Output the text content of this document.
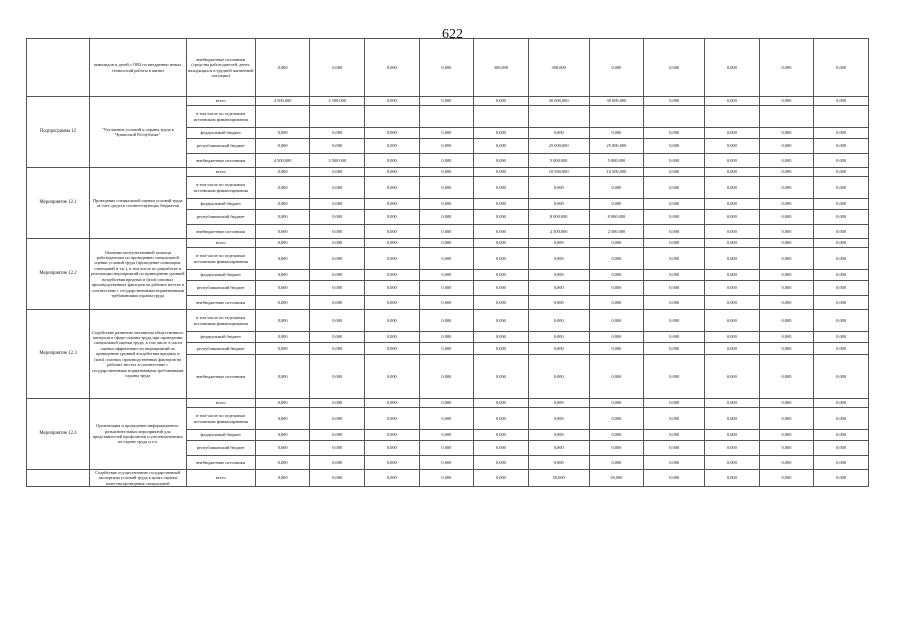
622
	инвалидов и детей с ОВЗ по внедрению новых технологий работы в жизни	внебюджетные источники (средства работодателей, денег, находящихся в трудной жизненной ситуации)	0,000	0,000	0,000	0,000	300,000	300,000	0,000	0,000	0,000	0,000	0,000
Подпрограмма 12	"Улучшение условий и охраны труда в Чувашской Республике"	всего	4 500,000	3 500,000	0,000	0,000	0,000	30 000,000	30 000,000	0,000	0,000	0,000	0,000
		в том числе по отдельным источникам финансирования											
		федеральный бюджет	0,000	0,000	0,000	0,000	0,000	0,000	0,000	0,000	0,000	0,000	0,000
		республиканский бюджет	0,000	0,000	0,000	0,000	0,000	25 000,000	25 000,000	0,000	0,000	0,000	0,000
		внебюджетные источники	4 500,000	3 500,000	0,000	0,000	0,000	5 000,000	5 000,000	0,000	0,000	0,000	0,000
Мероприятие 12.1	Проведение специальной оценки условий труда за счет средств соответствующих бюджетов	всего	0,000	0,000	0,000	0,000	0,000	10 500,000	10 500,000	0,000	0,000	0,000	0,000
		в том числе по отдельным источникам финансирования	0,000	0,000	0,000	0,000	0,000	0,000	0,000	0,000	0,000	0,000	0,000
		федеральный бюджет	0,000	0,000	0,000	0,000	0,000	0,000	0,000	0,000	0,000	0,000	0,000
		республиканский бюджет	0,000	0,000	0,000	0,000	0,000	8 000,000	8 000,000	0,000	0,000	0,000	0,000
		внебюджетные источники	0,000	0,000	0,000	0,000	0,000	2 500,000	2 500,000	0,000	0,000	0,000	0,000
Мероприятие 12.2	Оказание консультативной помощи работодателям по проведению специальной оценки условий труда (проведение семинаров, совещаний и т.п.), в том числе по разработке и реализации мероприятий по приведению уровней воздействия вредных и (или) опасных производственных факторов на рабочих местах в соответствие с государственными нормативными требованиями охраны труда	всего	0,000	0,000	0,000	0,000	0,000	0,000	0,000	0,000	0,000	0,000	0,000
		в том числе по отдельным источникам финансирования	0,000	0,000	0,000	0,000	0,000	0,000	0,000	0,000	0,000	0,000	0,000
		федеральный бюджет	0,000	0,000	0,000	0,000	0,000	0,000	0,000	0,000	0,000	0,000	0,000
		республиканский бюджет	0,000	0,000	0,000	0,000	0,000	0,000	0,000	0,000	0,000	0,000	0,000
		внебюджетные источники	0,000	0,000	0,000	0,000	0,000	0,000	0,000	0,000	0,000	0,000	0,000
Мероприятие 12.3	Содействие развитию механизма общественного контроля в сфере охраны труда при проведении специальной оценки труда, в том числе в части оценки эффективности мероприятий по приведению уровней воздействия вредных и (или) опасных производственных факторов на рабочих местах в соответствие с государственными нормативными требованиями охраны труда	в том числе по отдельным источникам финансирования	0,000	0,000	0,000	0,000	0,000	0,000	0,000	0,000	0,000	0,000	0,000
		федеральный бюджет	0,000	0,000	0,000	0,000	0,000	0,000	0,000	0,000	0,000	0,000	0,000
		республиканский бюджет	0,000	0,000	0,000	0,000	0,000	0,000	0,000	0,000	0,000	0,000	0,000
		внебюджетные источники	0,000	0,000	0,000	0,000	0,000	0,000	0,000	0,000	0,000	0,000	0,000
Мероприятие 12.4	Организация и проведение информационно-разъяснительных мероприятий для представителей профсоюзов и уполномоченных по охране труда и т.п.	всего	0,000	0,000	0,000	0,000	0,000	0,000	0,000	0,000	0,000	0,000	0,000
		в том числе по отдельным источникам финансирования	0,000	0,000	0,000	0,000	0,000	0,000	0,000	0,000	0,000	0,000	0,000
		федеральный бюджет	0,000	0,000	0,000	0,000	0,000	0,000	0,000	0,000	0,000	0,000	0,000
		республиканский бюджет	0,000	0,000	0,000	0,000	0,000	0,000	0,000	0,000	0,000	0,000	0,000
		внебюджетные источники	0,000	0,000	0,000	0,000	0,000	0,000	0,000	0,000	0,000	0,000	0,000
	Содействие осуществлению государственной экспертизы условий труда в целях оценки качества проведения специальной	всего	0,000	0,000	0,000	0,000	0,000	50,000	50,000	0,000	0,000	0,000	0,000
